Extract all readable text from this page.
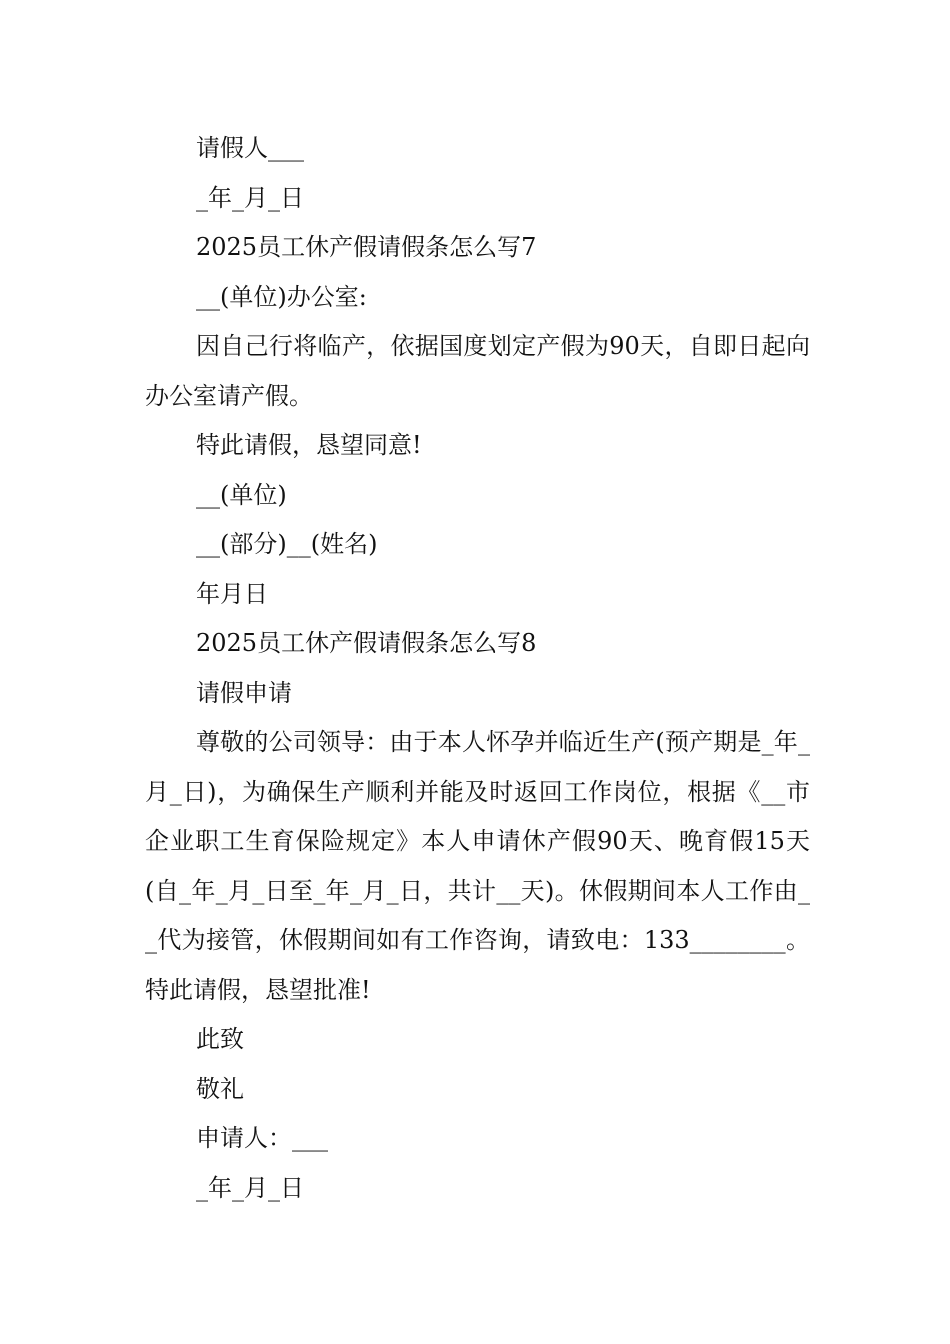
请假人___
_年_月_日
2025员工休产假请假条怎么写7
__(单位)办公室:
因自己行将临产，依据国度划定产假为90天，自即日起向办公室请产假。
特此请假，恳望同意!
__(单位)
__(部分)__(姓名)
年月日
2025员工休产假请假条怎么写8
请假申请
尊敬的公司领导：由于本人怀孕并临近生产(预产期是_年_月_日)，为确保生产顺利并能及时返回工作岗位，根据《__市企业职工生育保险规定》本人申请休产假90天、晚育假15天(自_年_月_日至_年_月_日，共计__天)。休假期间本人工作由__代为接管，休假期间如有工作咨询，请致电：133________。特此请假，恳望批准!
此致
敬礼
申请人：___
_年_月_日
